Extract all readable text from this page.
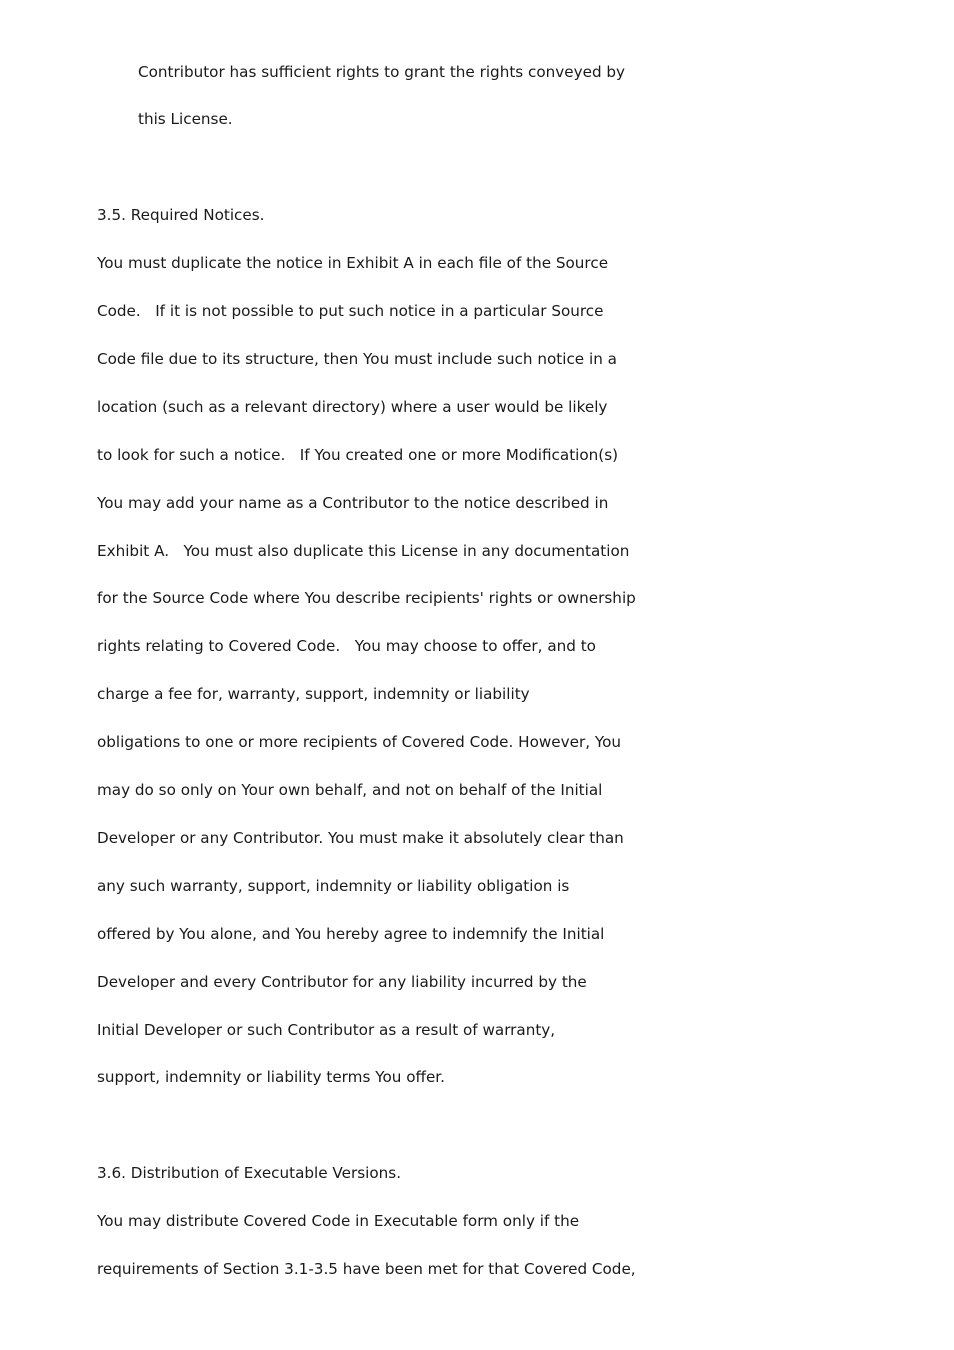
Contributor has sufficient rights to grant the rights conveyed by
this License.
3.5. Required Notices.
You must duplicate the notice in Exhibit A in each file of the Source
Code.   If it is not possible to put such notice in a particular Source
Code file due to its structure, then You must include such notice in a
location (such as a relevant directory) where a user would be likely
to look for such a notice.   If You created one or more Modification(s)
You may add your name as a Contributor to the notice described in
Exhibit A.   You must also duplicate this License in any documentation
for the Source Code where You describe recipients' rights or ownership
rights relating to Covered Code.   You may choose to offer, and to
charge a fee for, warranty, support, indemnity or liability
obligations to one or more recipients of Covered Code. However, You
may do so only on Your own behalf, and not on behalf of the Initial
Developer or any Contributor. You must make it absolutely clear than
any such warranty, support, indemnity or liability obligation is
offered by You alone, and You hereby agree to indemnify the Initial
Developer and every Contributor for any liability incurred by the
Initial Developer or such Contributor as a result of warranty,
support, indemnity or liability terms You offer.
3.6. Distribution of Executable Versions.
You may distribute Covered Code in Executable form only if the
requirements of Section 3.1-3.5 have been met for that Covered Code,
